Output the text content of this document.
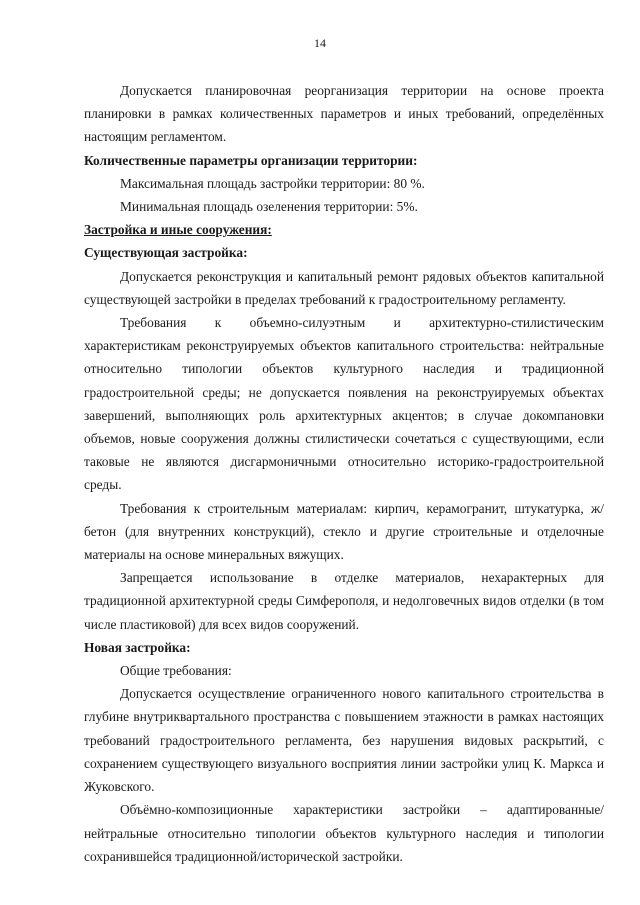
14

Допускается планировочная реорганизация территории на основе проекта планировки в рамках количественных параметров и иных требований, определённых настоящим регламентом.

Количественные параметры организации территории:

Максимальная площадь застройки территории: 80 %.

Минимальная площадь озеленения территории: 5%.

Застройка и иные сооружения:

Существующая застройка:

Допускается реконструкция и капитальный ремонт рядовых объектов капитальной существующей застройки в пределах требований к градостроительному регламенту.

Требования к объемно-силуэтным и архитектурно-стилистическим характеристикам реконструируемых объектов капитального строительства: нейтральные относительно типологии объектов культурного наследия и традиционной градостроительной среды; не допускается появления на реконструируемых объектах завершений, выполняющих роль архитектурных акцентов; в случае докомпановки объемов, новые сооружения должны стилистически сочетаться с существующими, если таковые не являются дисгармоничными относительно историко-градостроительной среды.

Требования к строительным материалам: кирпич, керамогранит, штукатурка, ж/бетон (для внутренних конструкций), стекло и другие строительные и отделочные материалы на основе минеральных вяжущих.

Запрещается использование в отделке материалов, нехарактерных для традиционной архитектурной среды Симферополя, и недолговечных видов отделки (в том числе пластиковой) для всех видов сооружений.

Новая застройка:

Общие требования:

Допускается осуществление ограниченного нового капитального строительства в глубине внутриквартального пространства с повышением этажности в рамках настоящих требований градостроительного регламента, без нарушения видовых раскрытий, с сохранением существующего визуального восприятия линии застройки улиц К. Маркса и Жуковского.

Объёмно-композиционные характеристики застройки – адаптированные/нейтральные относительно типологии объектов культурного наследия и типологии сохранившейся традиционной/исторической застройки.
